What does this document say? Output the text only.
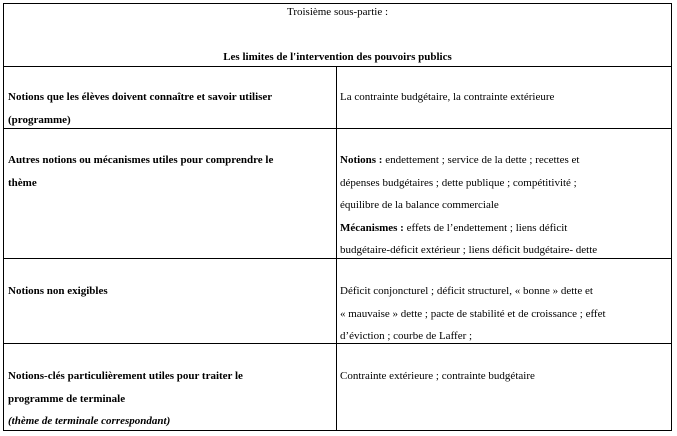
Troisième sous-partie :
Les limites de l'intervention des pouvoirs publics
Notions que les élèves doivent connaître et savoir utiliser
(programme)
La contrainte budgétaire, la contrainte extérieure
Autres notions ou mécanismes utiles pour comprendre le
thème
Notions : endettement ; service de la dette ; recettes et
dépenses budgétaires ; dette publique ; compétitivité ;
équilibre de la balance commerciale
Mécanismes : effets de l’endettement ; liens déficit
budgétaire-déficit extérieur ; liens déficit budgétaire- dette
Notions non exigibles	Déficit conjoncturel ; déficit structurel, « bonne » dette et
« mauvaise » dette ; pacte de stabilité et de croissance ; effet
d’éviction ; courbe de Laffer ;
Notions-clés particulièrement utiles pour traiter le
programme de terminale
(thème de terminale correspondant)
Contrainte extérieure ; contrainte budgétaire
